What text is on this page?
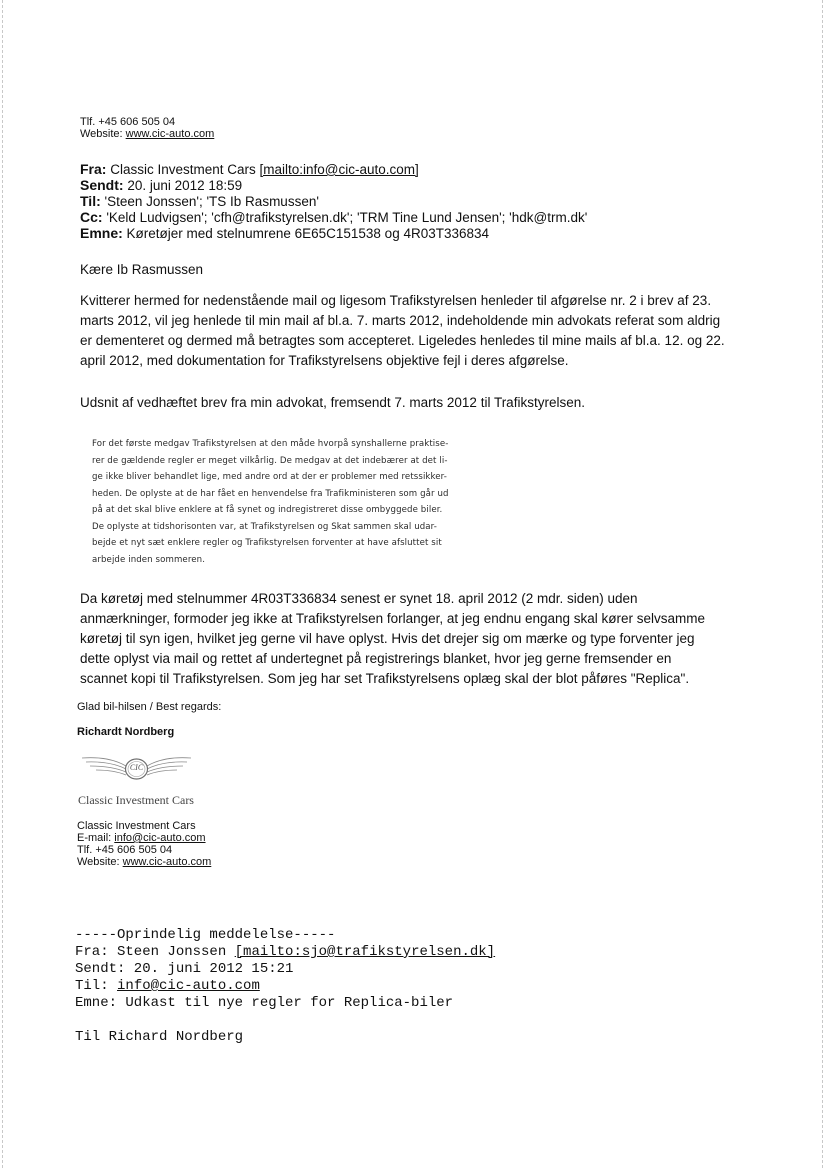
Tlf. +45 606 505 04
Website: www.cic-auto.com
Fra: Classic Investment Cars [mailto:info@cic-auto.com]
Sendt: 20. juni 2012 18:59
Til: 'Steen Jonssen'; 'TS Ib Rasmussen'
Cc: 'Keld Ludvigsen'; 'cfh@trafikstyrelsen.dk'; 'TRM Tine Lund Jensen'; 'hdk@trm.dk'
Emne: Køretøjer med stelnumrene 6E65C151538 og 4R03T336834
Kære Ib Rasmussen
Kvitterer hermed for nedenstående mail og ligesom Trafikstyrelsen henleder til afgørelse nr. 2 i brev af 23.
marts 2012, vil jeg henlede til min mail af bl.a. 7. marts 2012, indeholdende min advokats referat som aldrig
er dementeret og dermed må betragtes som accepteret. Ligeledes henledes til mine mails af bl.a. 12. og 22.
april 2012, med dokumentation for Trafikstyrelsens objektive fejl i deres afgørelse.
Udsnit af vedhæftet brev fra min advokat, fremsendt 7. marts 2012 til Trafikstyrelsen.
For det første medgav Trafikstyrelsen at den måde hvorpå synshallerne praktise-
rer de gældende regler er meget vilkårlig. De medgav at det indebærer at det li-
ge ikke bliver behandlet lige, med andre ord at der er problemer med retssikker-
heden. De oplyste at de har fået en henvendelse fra Trafikministeren som går ud
på at det skal blive enklere at få synet og indregistreret disse ombyggede biler.
De oplyste at tidshorisonten var, at Trafikstyrelsen og Skat sammen skal udar-
bejde et nyt sæt enklere regler og Trafikstyrelsen forventer at have afsluttet sit
arbejde inden sommeren.
Da køretøj med stelnummer 4R03T336834 senest er synet 18. april 2012 (2 mdr. siden) uden
anmærkninger, formoder jeg ikke at Trafikstyrelsen forlanger, at jeg endnu engang skal kører selvsamme
køretøj til syn igen, hvilket jeg gerne vil have oplyst. Hvis det drejer sig om mærke og type forventer jeg
dette oplyst via mail og rettet af undertegnet på registrerings blanket, hvor jeg gerne fremsender en
scannet kopi til Trafikstyrelsen. Som jeg har set Trafikstyrelsens oplæg skal der blot påføres "Replica".
Glad bil-hilsen / Best regards:
Richardt Nordberg
CIC
Classic Investment Cars
Classic Investment Cars
E-mail: info@cic-auto.com
Tlf. +45 606 505 04
Website: www.cic-auto.com
-----Oprindelig meddelelse-----
Fra: Steen Jonssen [mailto:sjo@trafikstyrelsen.dk]
Sendt: 20. juni 2012 15:21
Til: info@cic-auto.com
Emne: Udkast til nye regler for Replica-biler
Til Richard Nordberg
